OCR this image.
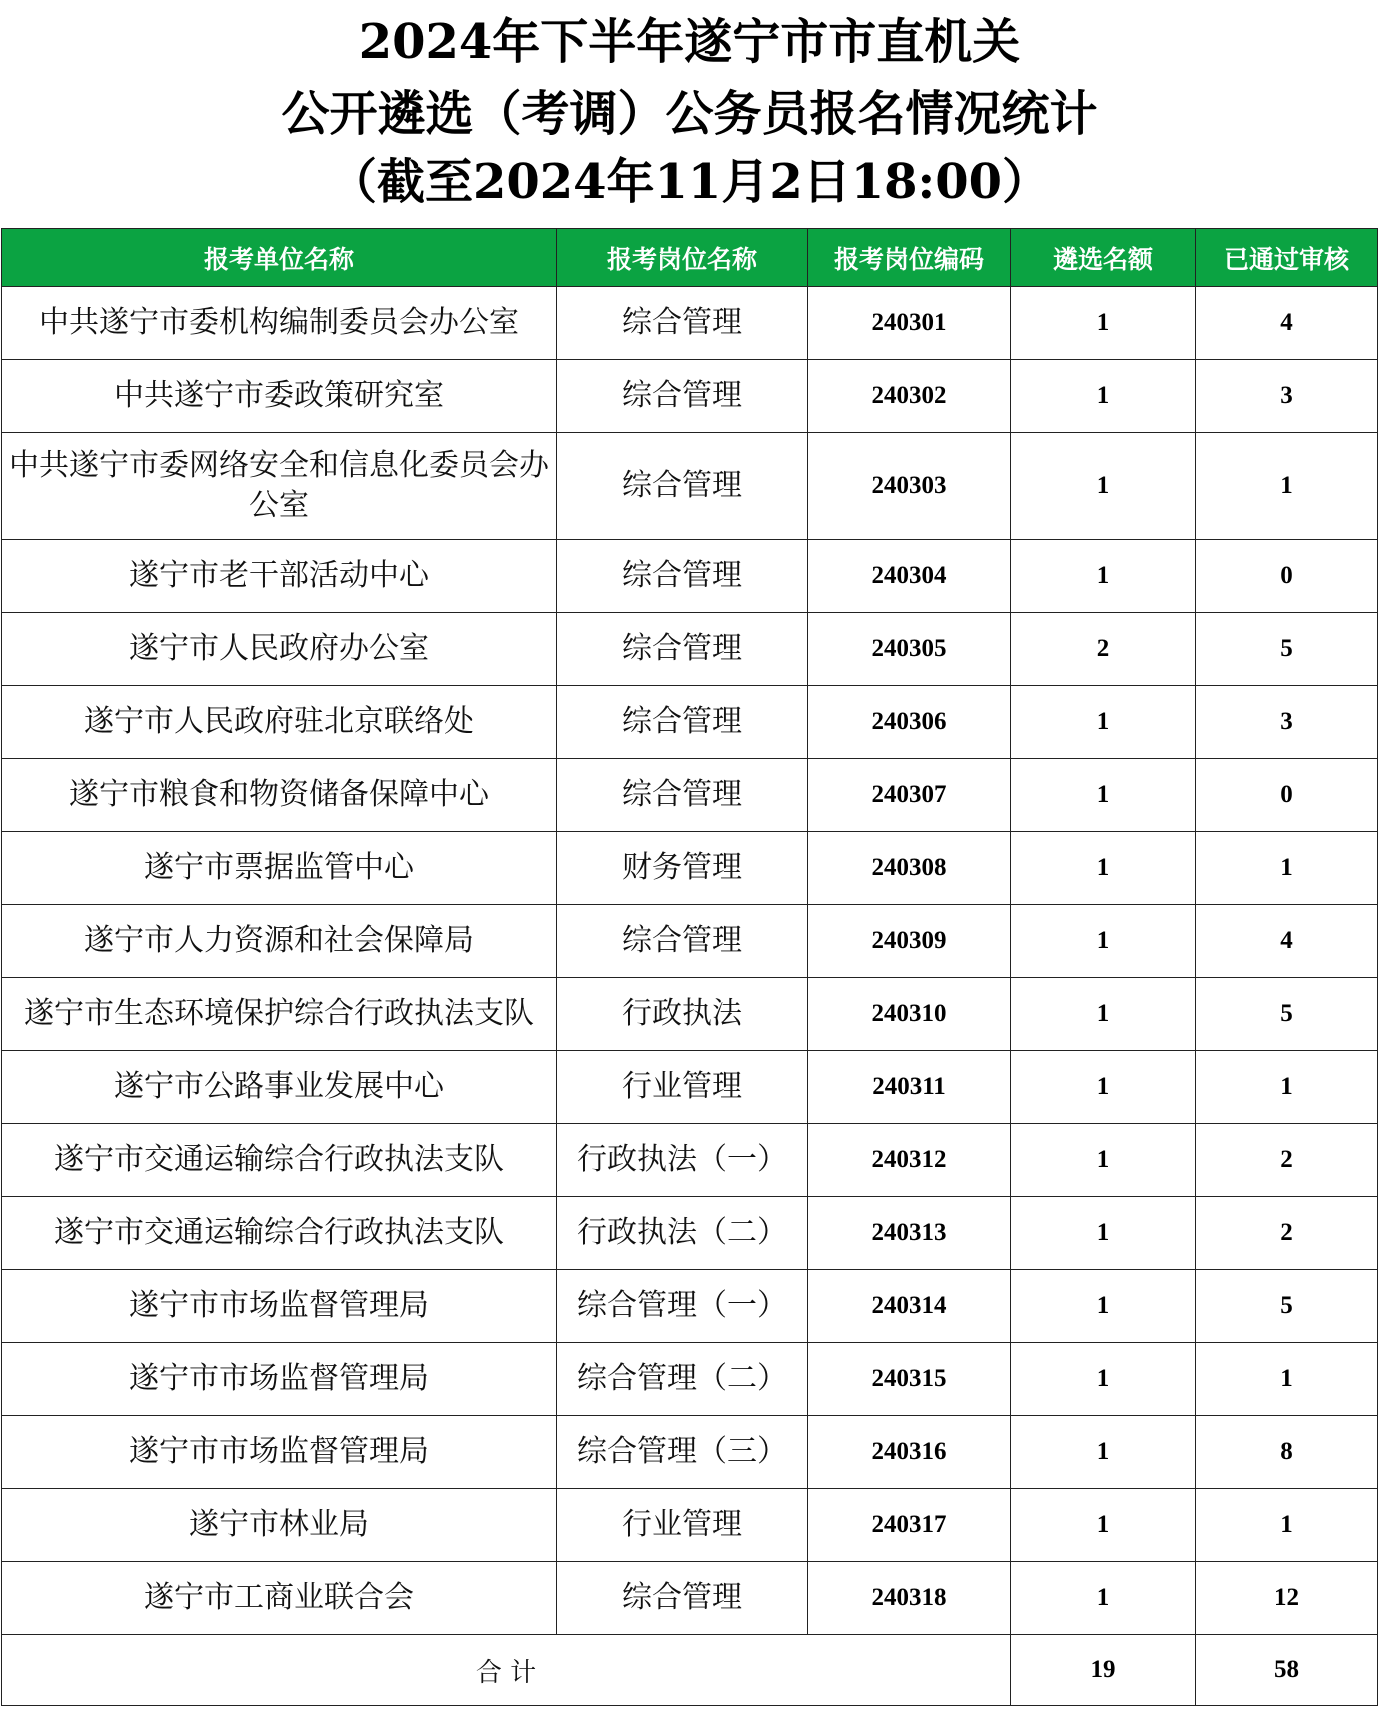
2024年下半年遂宁市市直机关
公开遴选（考调）公务员报名情况统计
（截至2024年11月2日18:00）
报考单位名称	报考岗位名称	报考岗位编码	遴选名额	已通过审核
中共遂宁市委机构编制委员会办公室	综合管理	240301	1	4
中共遂宁市委政策研究室	综合管理	240302	1	3
中共遂宁市委网络安全和信息化委员会办公室	综合管理	240303	1	1
遂宁市老干部活动中心	综合管理	240304	1	0
遂宁市人民政府办公室	综合管理	240305	2	5
遂宁市人民政府驻北京联络处	综合管理	240306	1	3
遂宁市粮食和物资储备保障中心	综合管理	240307	1	0
遂宁市票据监管中心	财务管理	240308	1	1
遂宁市人力资源和社会保障局	综合管理	240309	1	4
遂宁市生态环境保护综合行政执法支队	行政执法	240310	1	5
遂宁市公路事业发展中心	行业管理	240311	1	1
遂宁市交通运输综合行政执法支队	行政执法（一）	240312	1	2
遂宁市交通运输综合行政执法支队	行政执法（二）	240313	1	2
遂宁市市场监督管理局	综合管理（一）	240314	1	5
遂宁市市场监督管理局	综合管理（二）	240315	1	1
遂宁市市场监督管理局	综合管理（三）	240316	1	8
遂宁市林业局	行业管理	240317	1	1
遂宁市工商业联合会	综合管理	240318	1	12
合 计			19	58
